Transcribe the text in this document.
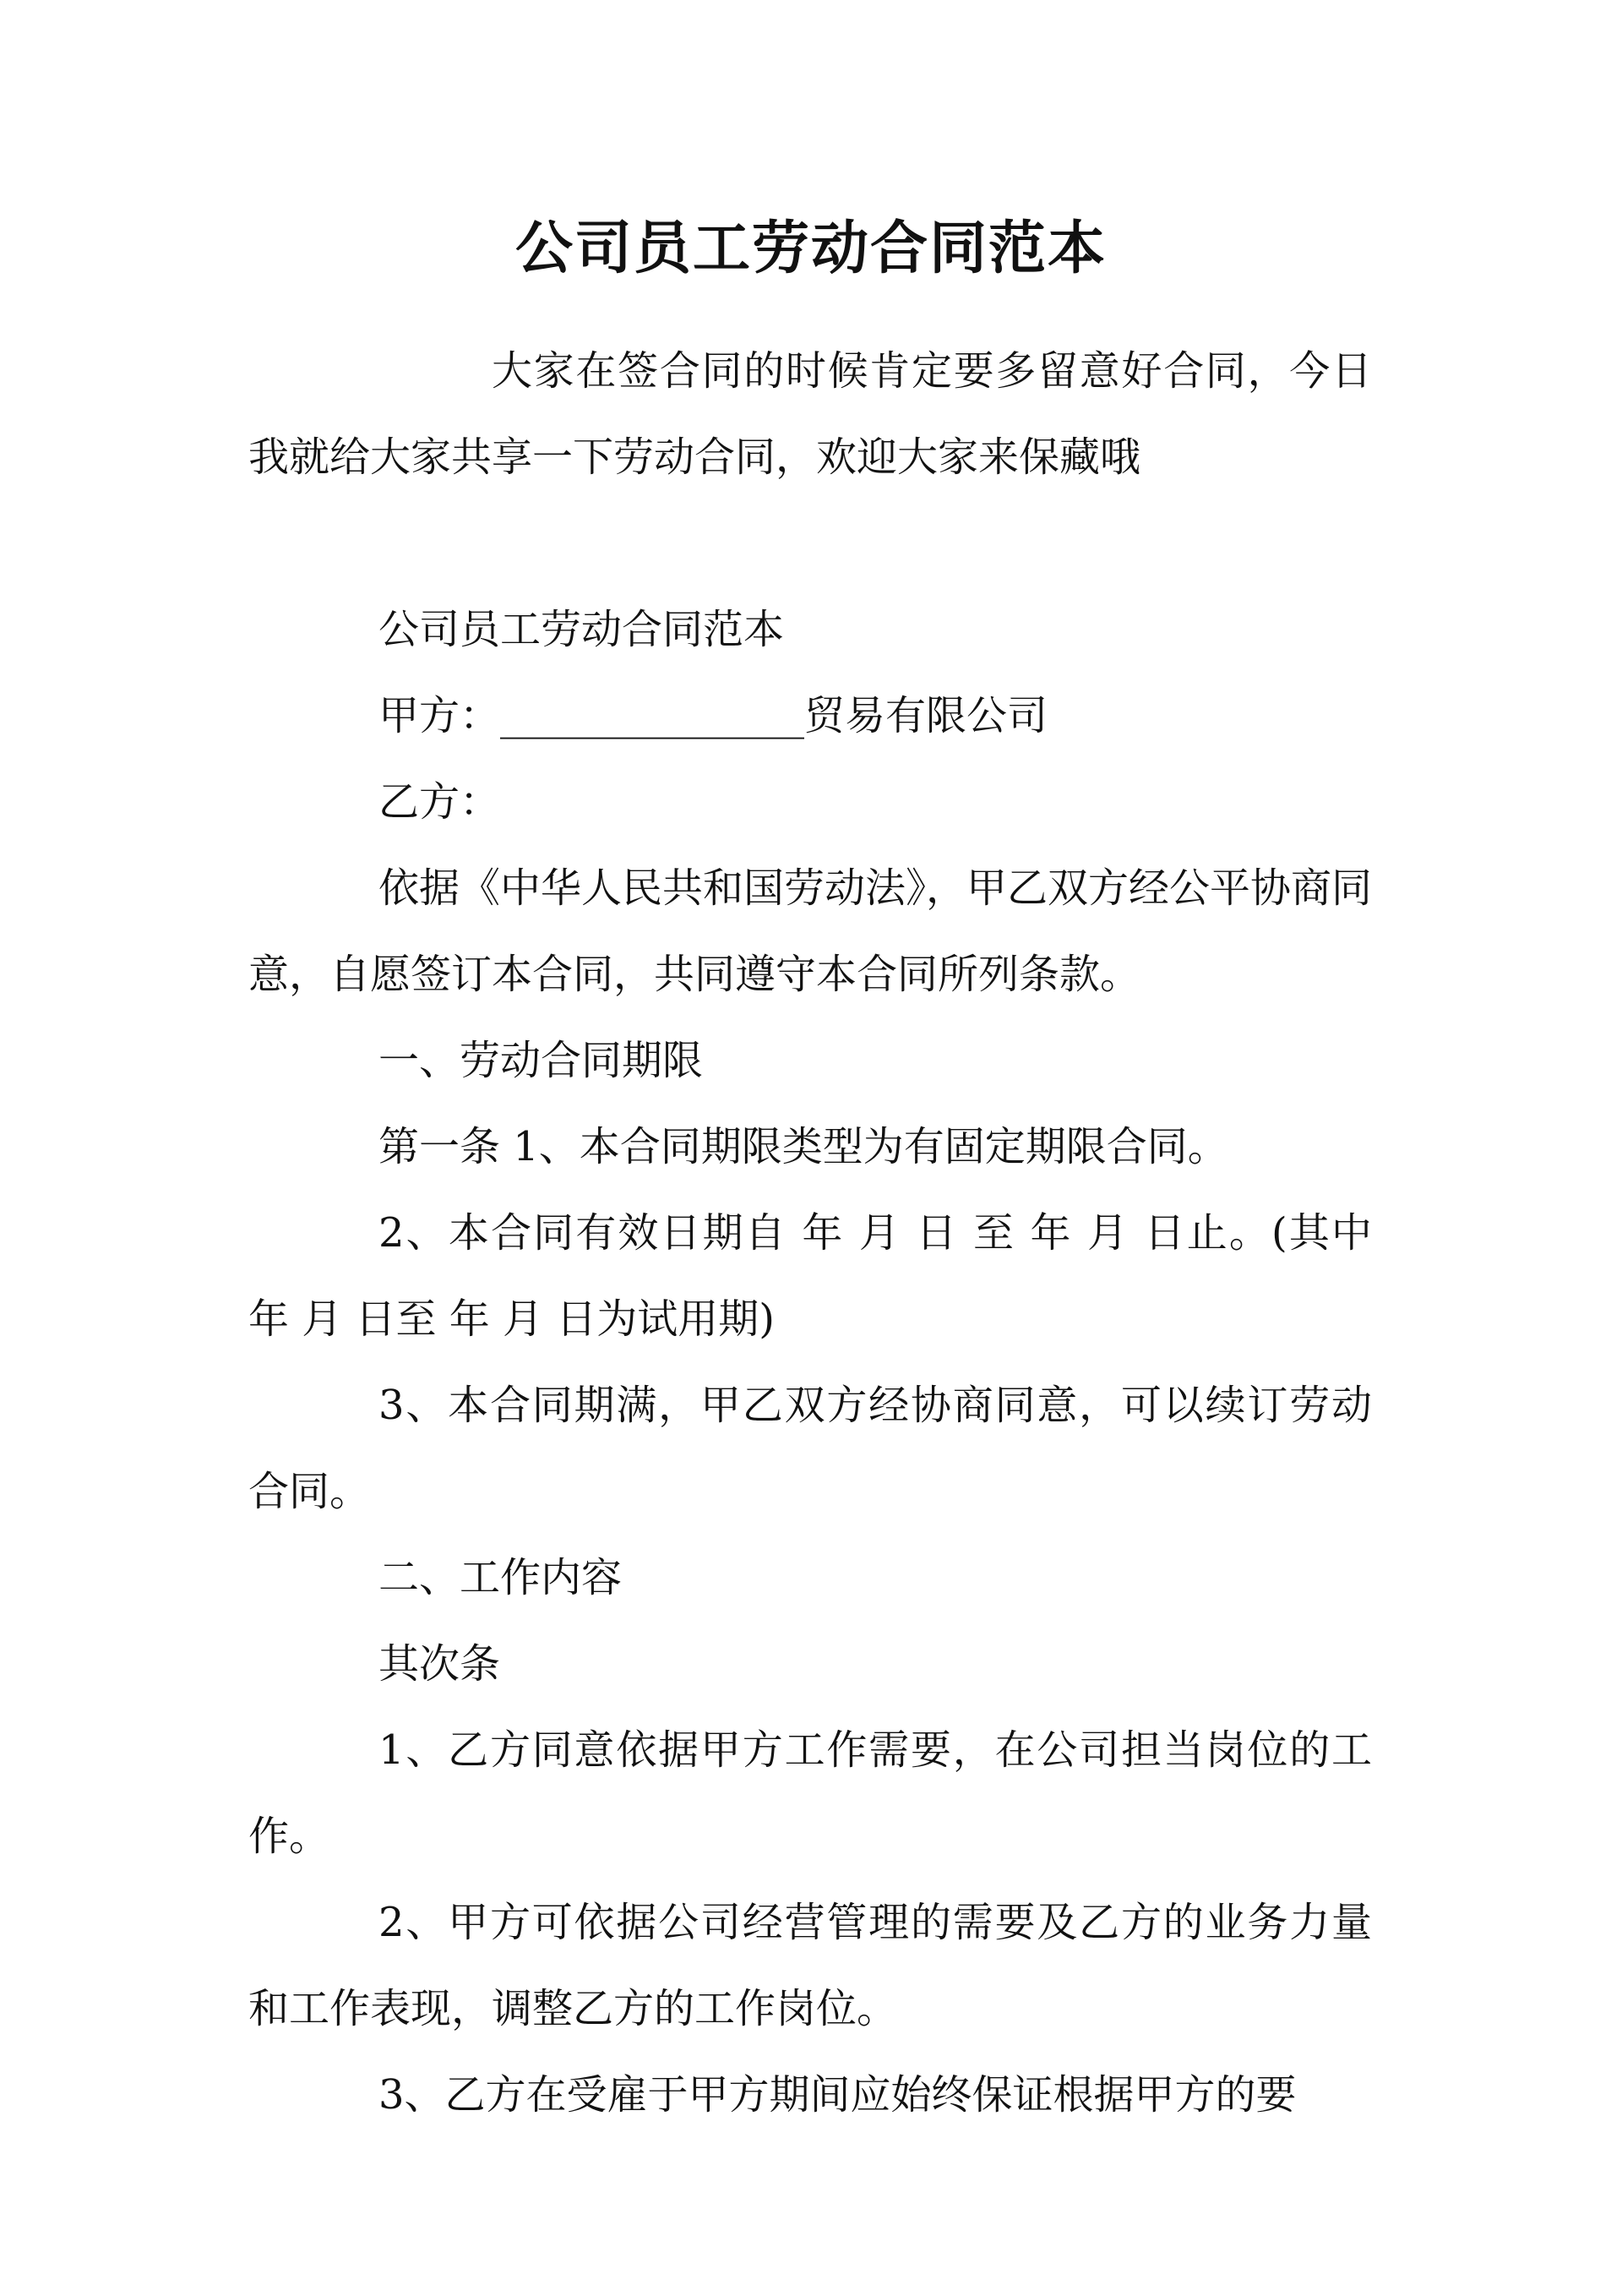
公司员工劳动合同范本

大家在签合同的时候肯定要多留意好合同，今日我就给大家共享一下劳动合同，欢迎大家来保藏哦

公司员工劳动合同范本

甲方：_______________贸易有限公司

乙方：

依据《中华人民共和国劳动法》，甲乙双方经公平协商同意，自愿签订本合同，共同遵守本合同所列条款。

一、劳动合同期限

第一条 1、本合同期限类型为有固定期限合同。

2、本合同有效日期自 年 月 日 至 年 月 日止。(其中 年 月 日至 年 月 日为试用期)

3、本合同期满，甲乙双方经协商同意，可以续订劳动合同。

二、工作内容

其次条

1、乙方同意依据甲方工作需要，在公司担当岗位的工作。

2、甲方可依据公司经营管理的需要及乙方的业务力量和工作表现，调整乙方的工作岗位。

3、乙方在受雇于甲方期间应始终保证根据甲方的要
